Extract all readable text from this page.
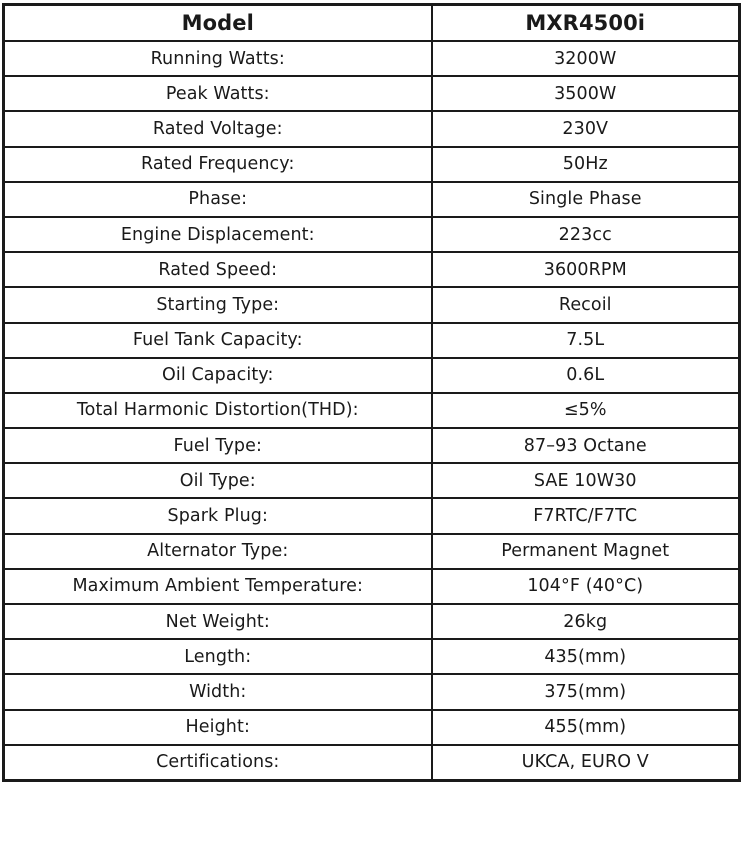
Model	MXR4500i
Running Watts:	3200W
Peak Watts:	3500W
Rated Voltage:	230V
Rated Frequency:	50Hz
Phase:	Single Phase
Engine Displacement:	223cc
Rated Speed:	3600RPM
Starting Type:	Recoil
Fuel Tank Capacity:	7.5L
Oil Capacity:	0.6L
Total Harmonic Distortion(THD):	≤5%
Fuel Type:	87–93 Octane
Oil Type:	SAE 10W30
Spark Plug:	F7RTC/F7TC
Alternator Type:	Permanent Magnet
Maximum Ambient Temperature:	104°F (40°C)
Net Weight:	26kg
Length:	435(mm)
Width:	375(mm)
Height:	455(mm)
Certifications:	UKCA, EURO V
